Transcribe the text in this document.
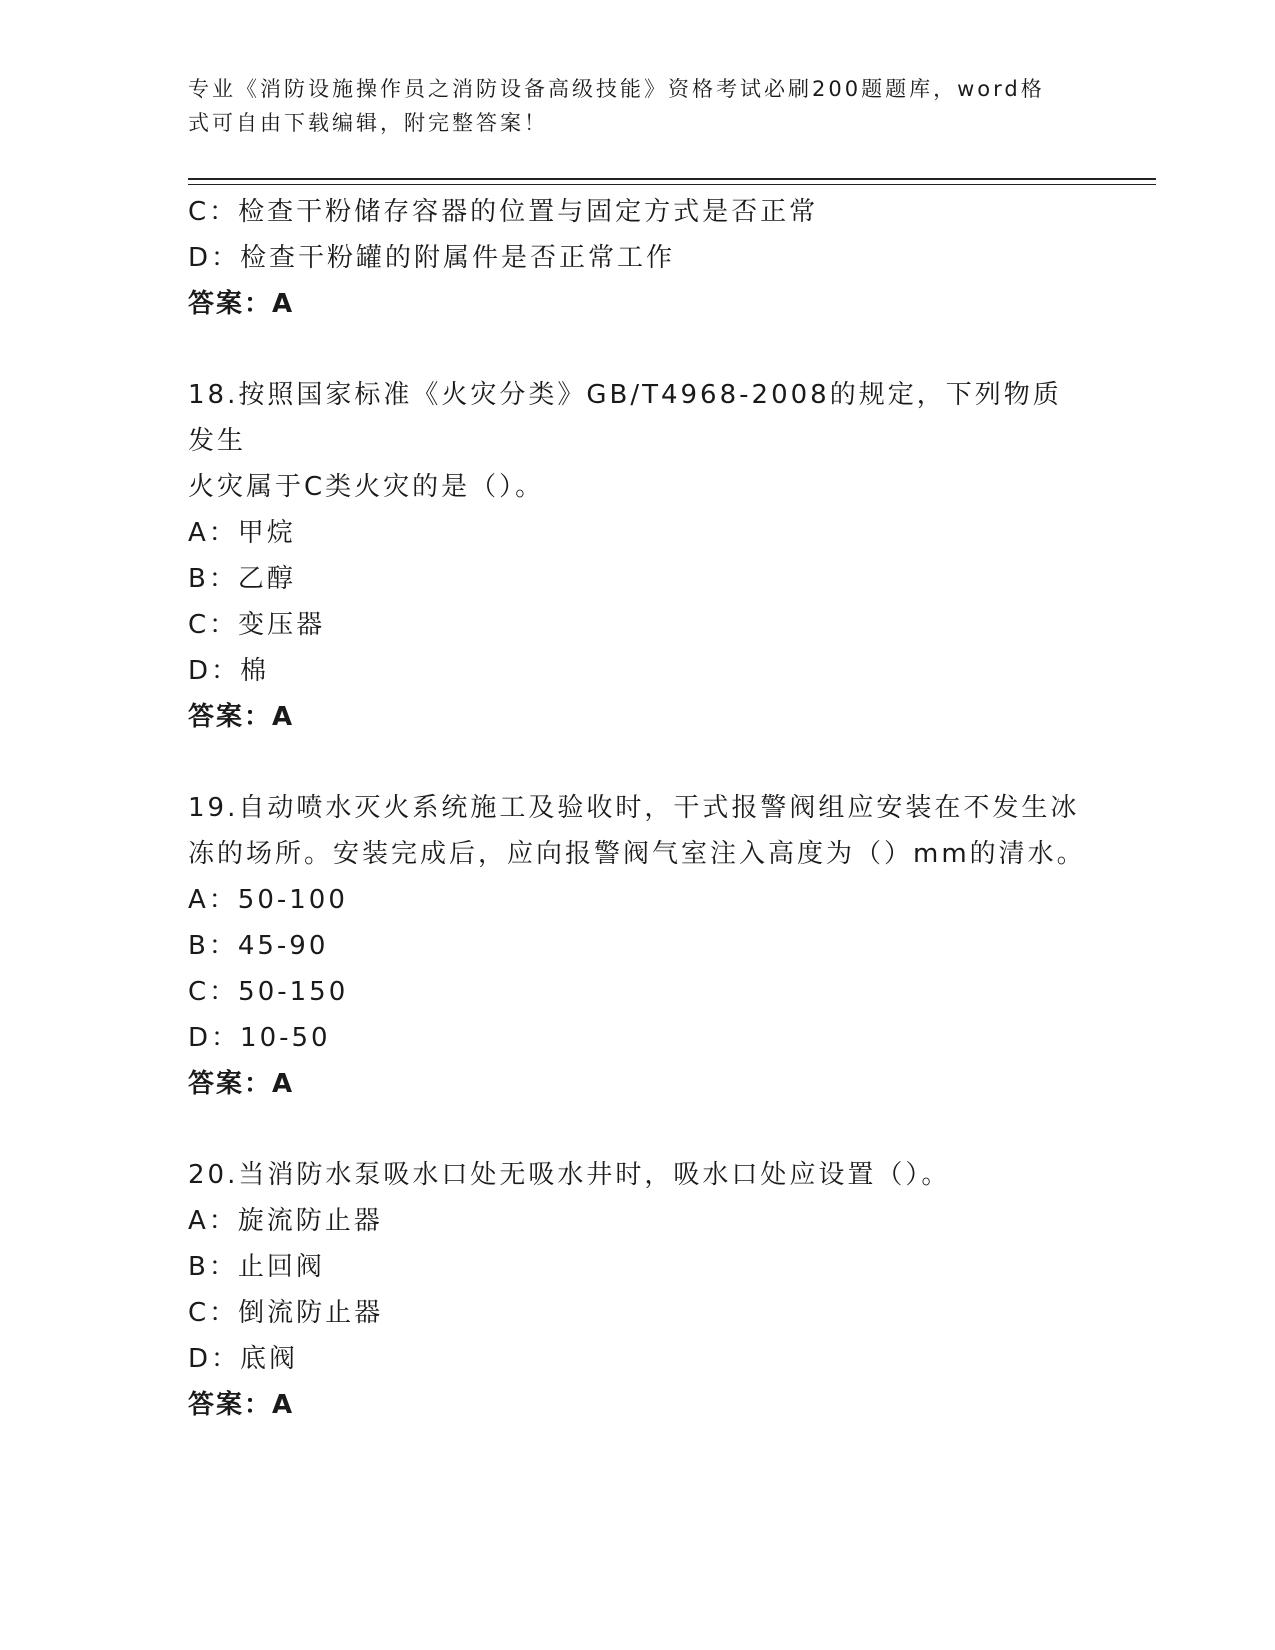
专业《消防设施操作员之消防设备高级技能》资格考试必刷200题题库，word格式可自由下载编辑，附完整答案！
C：检查干粉储存容器的位置与固定方式是否正常
D：检查干粉罐的附属件是否正常工作
答案：A
18.按照国家标准《火灾分类》GB/T4968-2008的规定，下列物质发生
火灾属于C类火灾的是（）。
A：甲烷
B：乙醇
C：变压器
D：棉
答案：A
19.自动喷水灭火系统施工及验收时，干式报警阀组应安装在不发生冰
冻的场所。安装完成后，应向报警阀气室注入高度为（）mm的清水。
A：50-100
B：45-90
C：50-150
D：10-50
答案：A
20.当消防水泵吸水口处无吸水井时，吸水口处应设置（）。
A：旋流防止器
B：止回阀
C：倒流防止器
D：底阀
答案：A
